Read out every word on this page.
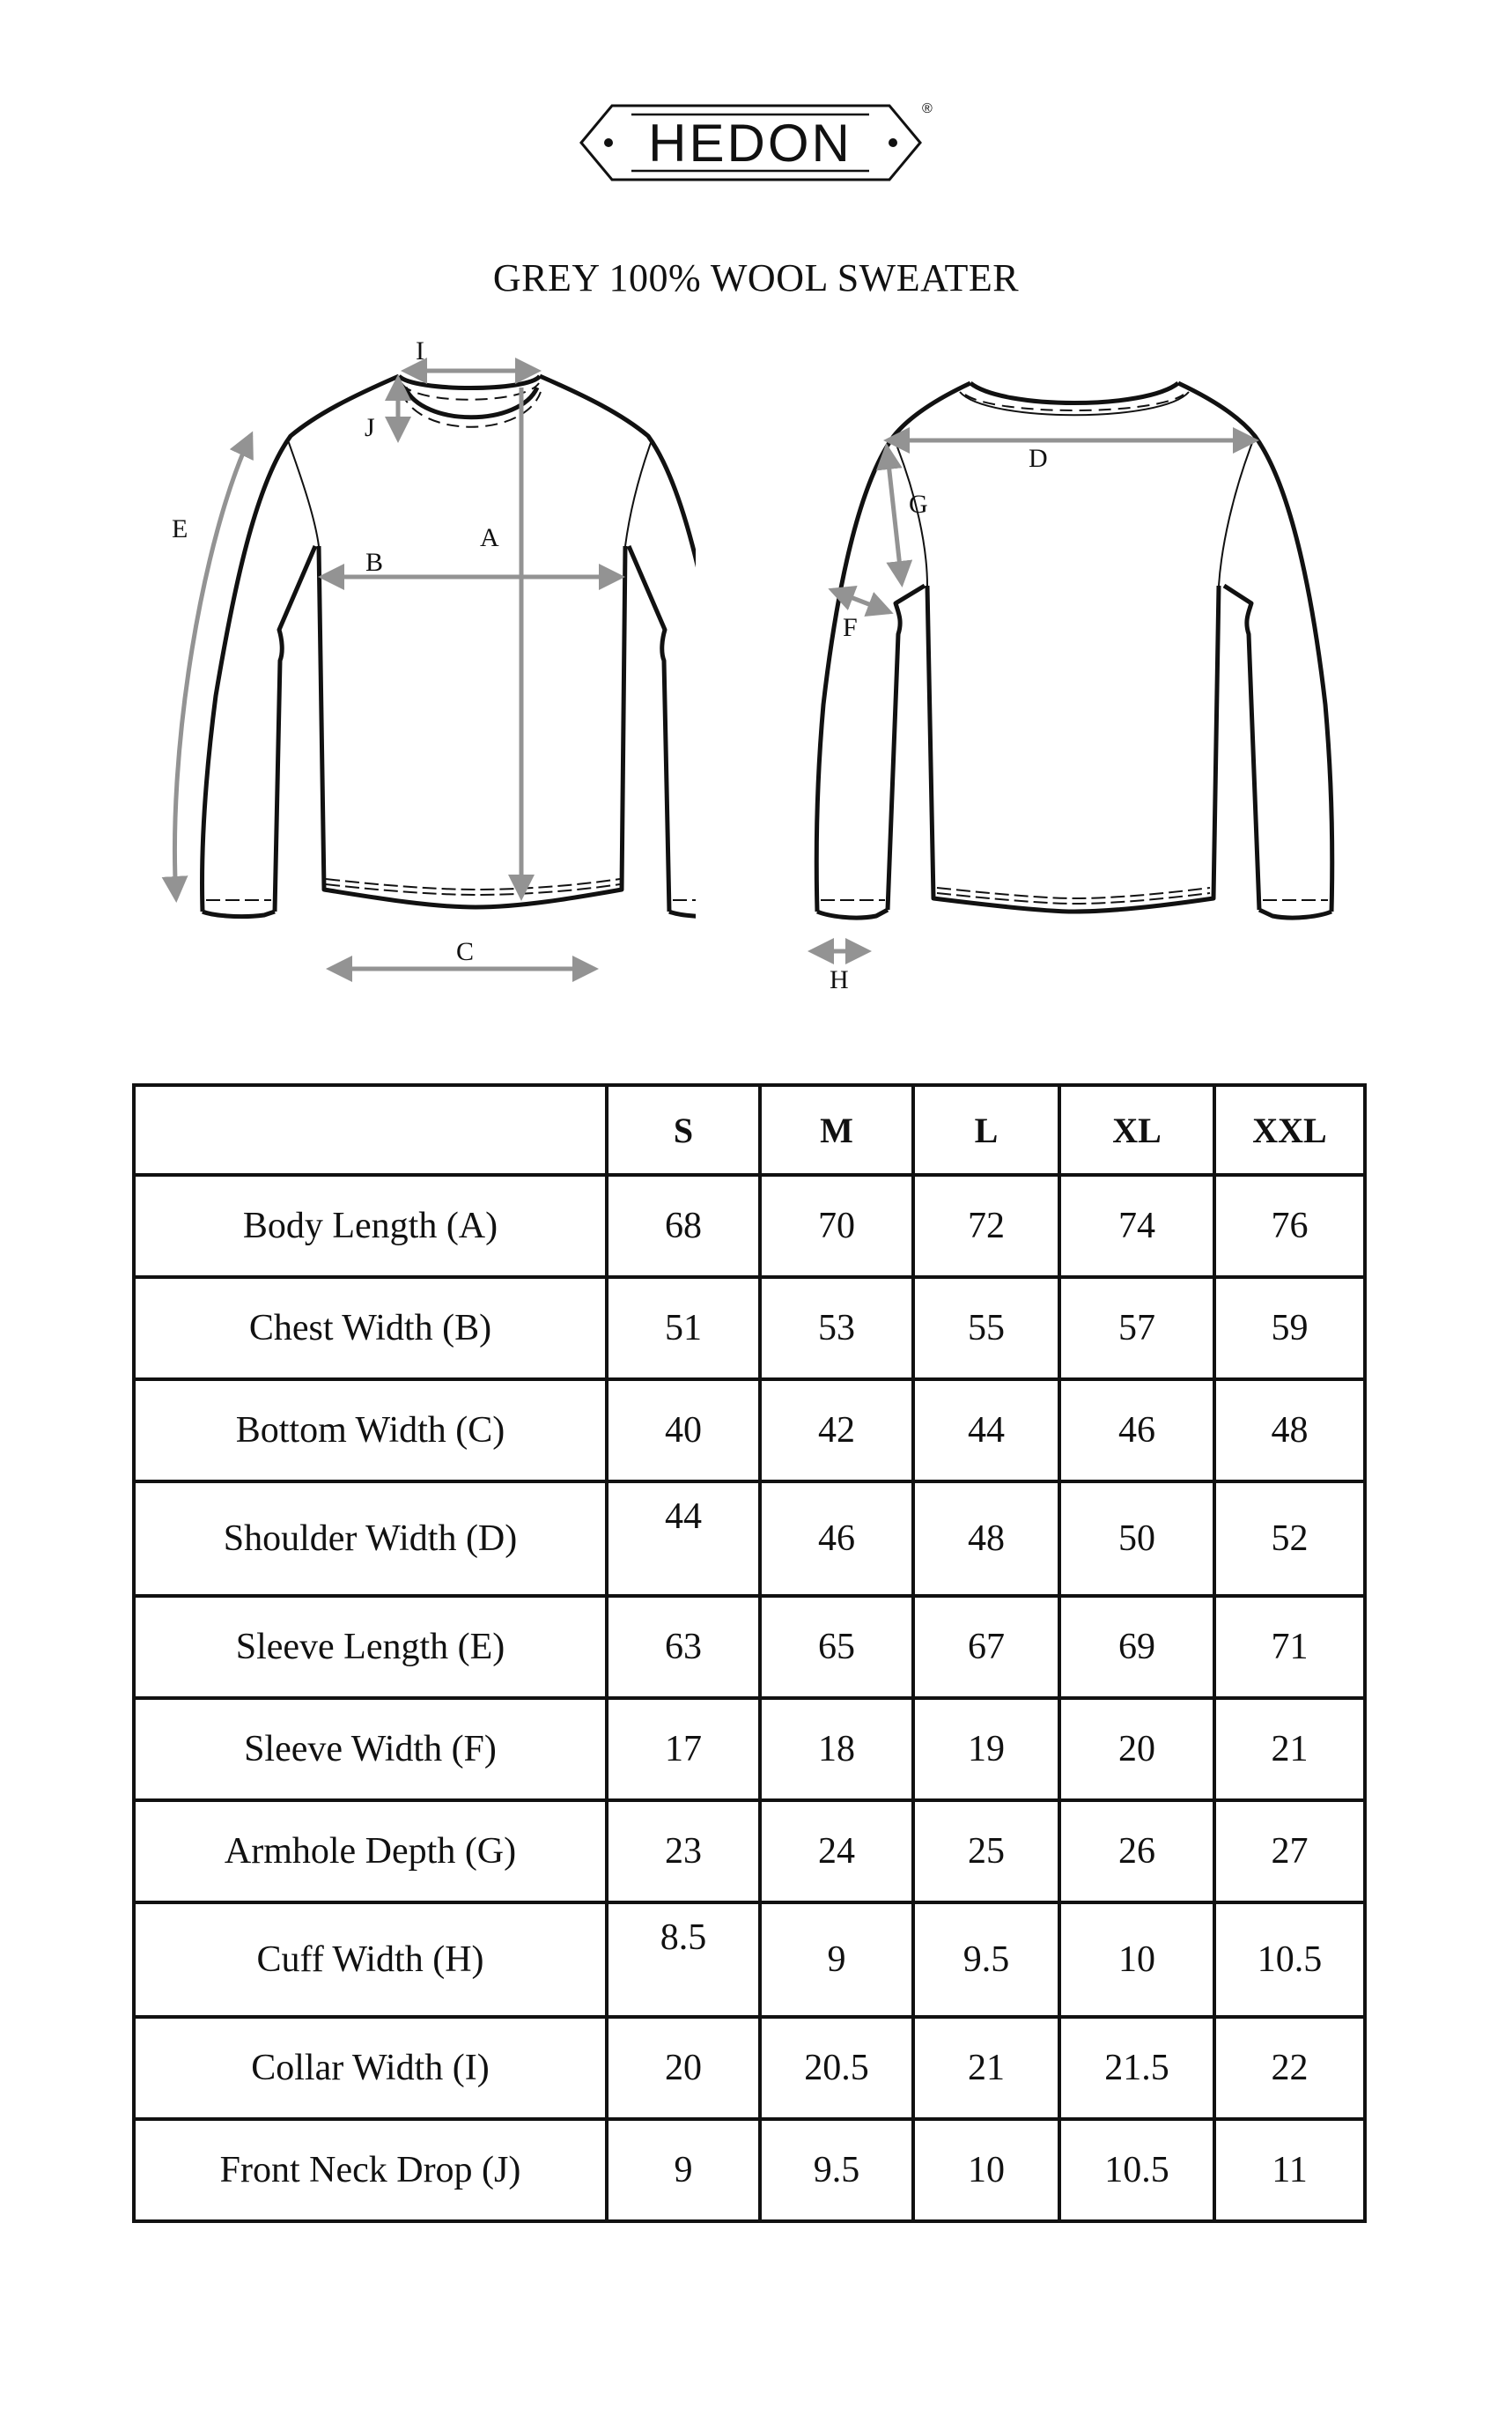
HEDON
®
GREY 100% WOOL SWEATER
I
J
E	A
B
C
D
G
F
H
	S	M	L	XL	XXL
Body Length (A)	68	70	72	74	76
Chest Width (B)	51	53	55	57	59
Bottom Width (C)	40	42	44	46	48
Shoulder Width (D)	44	46	48	50	52
Sleeve Length (E)	63	65	67	69	71
Sleeve Width (F)	17	18	19	20	21
Armhole Depth (G)	23	24	25	26	27
Cuff Width (H)	8.5	9	9.5	10	10.5
Collar Width (I)	20	20.5	21	21.5	22
Front Neck Drop (J)	9	9.5	10	10.5	11
